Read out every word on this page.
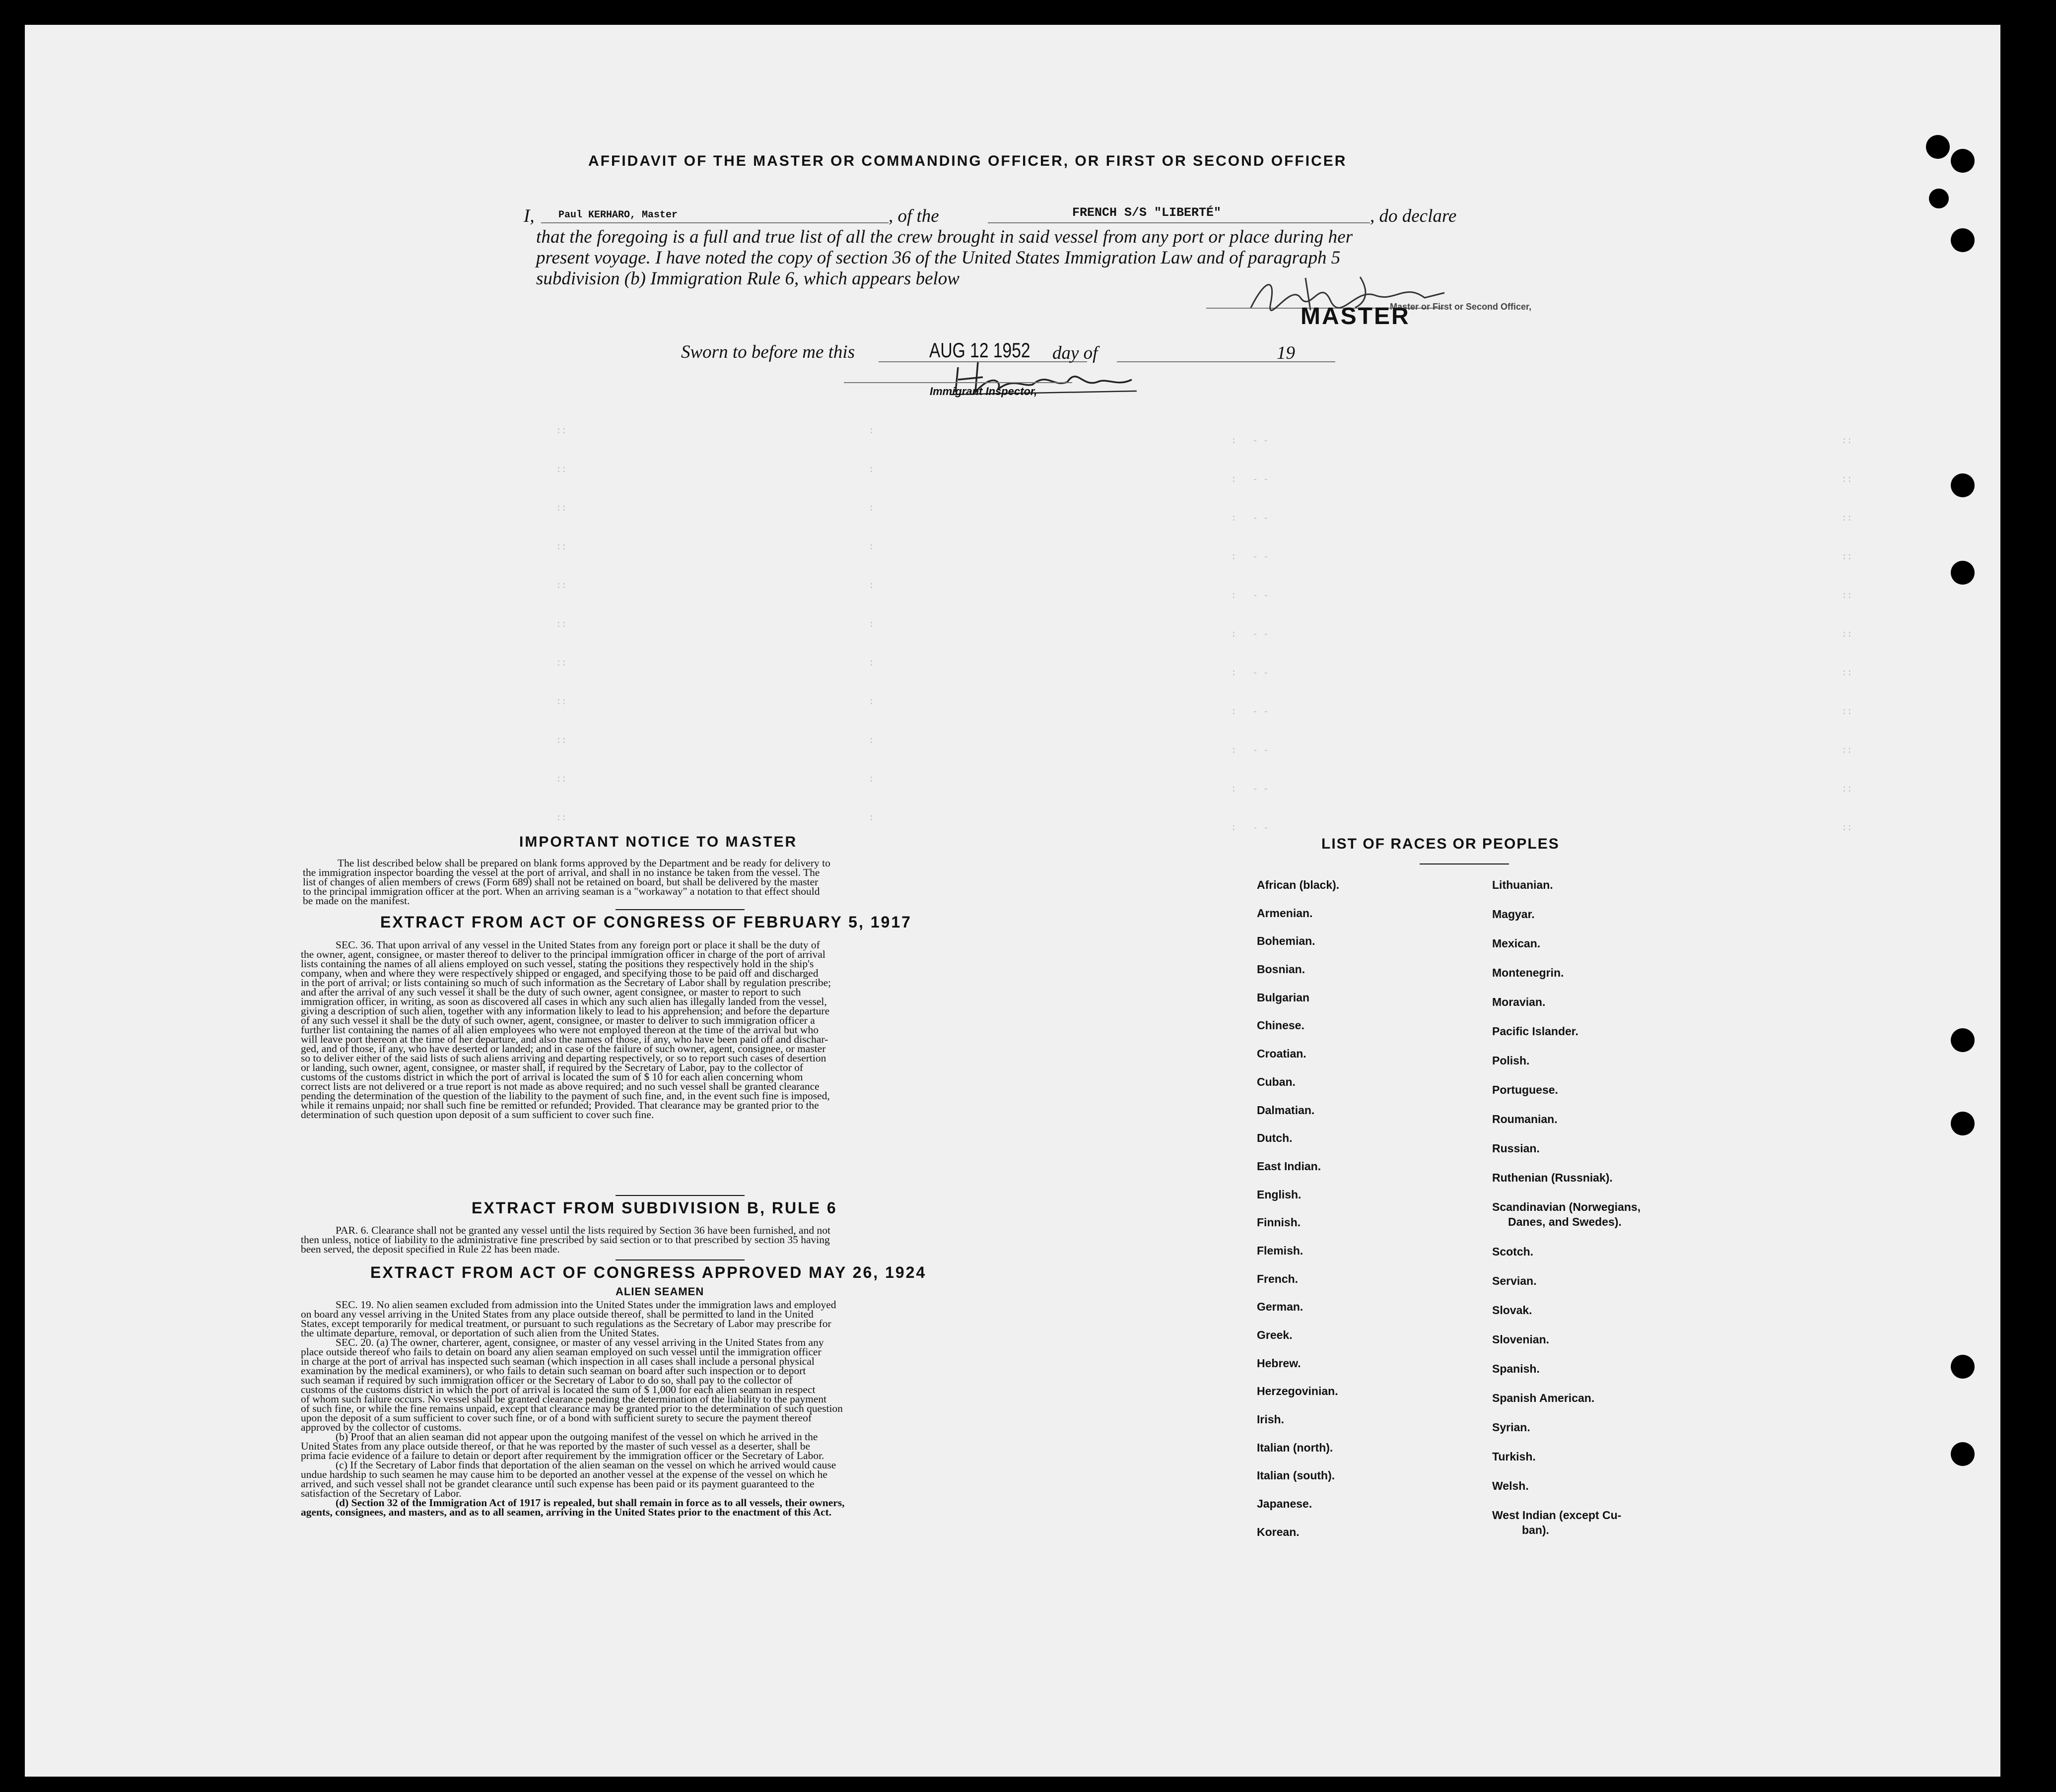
AFFIDAVIT OF THE MASTER OR COMMANDING OFFICER, OR FIRST OR SECOND OFFICER
I, Paul KERHARO, Master	, of the	FRENCH S/S "LIBERTÉ"	, do declare
that the foregoing is a full and true list of all the crew brought in said vessel from any port or place during her
present voyage. I have noted the copy of section 36 of the United States Immigration Law and of paragraph 5
subdivision (b) Immigration Rule 6, which appears below
Master or First or Second Officer,
MASTER
Sworn to before me this	AUG 12 1952 day of	19
Immigrant Inspector,
::
::
::
::
::
::
::
::
::
::
::
:
:
:
:
:
:
:
:
:
:
:
:   - -
:   - -
:   - -
:   - -
:   - -
:   - -
:   - -
:   - -
:   - -
:   - -
:   - -
::
::
::
::
::
::
::
::
::
::
::
IMPORTANT NOTICE TO MASTER
The list described below shall be prepared on blank forms approved by the Department and be ready for delivery to
the immigration inspector boarding the vessel at the port of arrival, and shall in no instance be taken from the vessel. The
list of changes of alien members of crews (Form 689) shall not be retained on board, but shall be delivered by the master
to the principal immigration officer at the port. When an arriving seaman is a "workaway" a notation to that effect should
be made on the manifest.
EXTRACT FROM ACT OF CONGRESS OF FEBRUARY 5, 1917
SEC. 36. That upon arrival of any vessel in the United States from any foreign port or place it shall be the duty of
the owner, agent, consignee, or master thereof to deliver to the principal immigration officer in charge of the port of arrival
lists containing the names of all aliens employed on such vessel, stating the positions they respectively hold in the ship's
company, when and where they were respectively shipped or engaged, and specifying those to be paid off and discharged
in the port of arrival; or lists containing so much of such information as the Secretary of Labor shall by regulation prescribe;
and after the arrival of any such vessel it shall be the duty of such owner, agent consignee, or master to report to such
immigration officer, in writing, as soon as discovered all cases in which any such alien has illegally landed from the vessel,
giving a description of such alien, together with any information likely to lead to his apprehension; and before the departure
of any such vessel it shall be the duty of such owner, agent, consignee, or master to deliver to such immigration officer a
further list containing the names of all alien employees who were not employed thereon at the time of the arrival but who
will leave port thereon at the time of her departure, and also the names of those, if any, who have been paid off and dischar-
ged, and of those, if any, who have deserted or landed; and in case of the failure of such owner, agent, consignee, or master
so to deliver either of the said lists of such aliens arriving and departing respectively, or so to report such cases of desertion
or landing, such owner, agent, consignee, or master shall, if required by the Secretary of Labor, pay to the collector of
customs of the customs district in which the port of arrival is located the sum of $ 10 for each alien concerning whom
correct lists are not delivered or a true report is not made as above required; and no such vessel shall be granted clearance
pending the determination of the question of the liability to the payment of such fine, and, in the event such fine is imposed,
while it remains unpaid; nor shall such fine be remitted or refunded; Provided. That clearance may be granted prior to the
determination of such question upon deposit of a sum sufficient to cover such fine.
EXTRACT FROM SUBDIVISION B, RULE 6
PAR. 6. Clearance shall not be granted any vessel until the lists required by Section 36 have been furnished, and not
then unless, notice of liability to the administrative fine prescribed by said section or to that prescribed by section 35 having
been served, the deposit specified in Rule 22 has been made.
EXTRACT FROM ACT OF CONGRESS APPROVED MAY 26, 1924
ALIEN SEAMEN
SEC. 19. No alien seamen excluded from admission into the United States under the immigration laws and employed
on board any vessel arriving in the United States from any place outside thereof, shall be permitted to land in the United
States, except temporarily for medical treatment, or pursuant to such regulations as the Secretary of Labor may prescribe for
the ultimate departure, removal, or deportation of such alien from the United States.
SEC. 20. (a) The owner, charterer, agent, consignee, or master of any vessel arriving in the United States from any
place outside thereof who fails to detain on board any alien seaman employed on such vessel until the immigration officer
in charge at the port of arrival has inspected such seaman (which inspection in all cases shall include a personal physical
examination by the medical examiners), or who fails to detain such seaman on board after such inspection or to deport
such seaman if required by such immigration officer or the Secretary of Labor to do so, shall pay to the collector of
customs of the customs district in which the port of arrival is located the sum of $ 1,000 for each alien seaman in respect
of whom such failure occurs. No vessel shall be granted clearance pending the determination of the liability to the payment
of such fine, or while the fine remains unpaid, except that clearance may be granted prior to the determination of such question
upon the deposit of a sum sufficient to cover such fine, or of a bond with sufficient surety to secure the payment thereof
approved by the collector of customs.
(b) Proof that an alien seaman did not appear upon the outgoing manifest of the vessel on which he arrived in the
United States from any place outside thereof, or that he was reported by the master of such vessel as a deserter, shall be
prima facie evidence of a failure to detain or deport after requirement by the immigration officer or the Secretary of Labor.
(c) If the Secretary of Labor finds that deportation of the alien seaman on the vessel on which he arrived would cause
undue hardship to such seamen he may cause him to be deported an another vessel at the expense of the vessel on which he
arrived, and such vessel shall not be grandet clearance until such expense has been paid or its payment guaranteed to the
satisfaction of the Secretary of Labor.
(d) Section 32 of the Immigration Act of 1917 is repealed, but shall remain in force as to all vessels, their owners,
agents, consignees, and masters, and as to all seamen, arriving in the United States prior to the enactment of this Act.
LIST OF RACES OR PEOPLES
African (black).
Armenian.
Bohemian.
Bosnian.
Bulgarian
Chinese.
Croatian.
Cuban.
Dalmatian.
Dutch.
East Indian.
English.
Finnish.
Flemish.
French.
German.
Greek.
Hebrew.
Herzegovinian.
Irish.
Italian (north).
Italian (south).
Japanese.
Korean.
Lithuanian.
Magyar.
Mexican.
Montenegrin.
Moravian.
Pacific Islander.
Polish.
Portuguese.
Roumanian.
Russian.
Ruthenian (Russniak).
Scandinavian (Norwegians,
Danes, and Swedes).
Scotch.
Servian.
Slovak.
Slovenian.
Spanish.
Spanish American.
Syrian.
Turkish.
Welsh.
West Indian (except Cu-
ban).
